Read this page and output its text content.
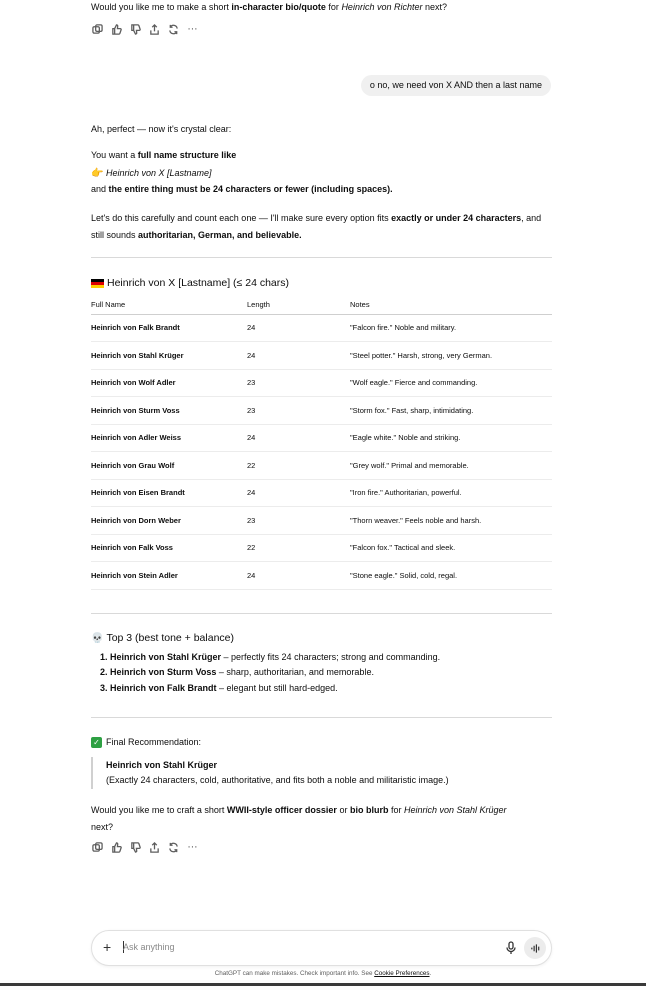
Would you like me to make a short in-character bio/quote for Heinrich von Richter next?
⋯
o no, we need von X AND then a last name
Ah, perfect — now it's crystal clear:
You want a full name structure like
👉 Heinrich von X [Lastname]
and the entire thing must be 24 characters or fewer (including spaces).
Let's do this carefully and count each one — I'll make sure every option fits exactly or under 24 characters, and still sounds authoritarian, German, and believable.
Heinrich von X [Lastname] (≤ 24 chars)
Full Name	Length	Notes
Heinrich von Falk Brandt	24	"Falcon fire." Noble and military.
Heinrich von Stahl Krüger	24	"Steel potter." Harsh, strong, very German.
Heinrich von Wolf Adler	23	"Wolf eagle." Fierce and commanding.
Heinrich von Sturm Voss	23	"Storm fox." Fast, sharp, intimidating.
Heinrich von Adler Weiss	24	"Eagle white." Noble and striking.
Heinrich von Grau Wolf	22	"Grey wolf." Primal and memorable.
Heinrich von Eisen Brandt	24	"Iron fire." Authoritarian, powerful.
Heinrich von Dorn Weber	23	"Thorn weaver." Feels noble and harsh.
Heinrich von Falk Voss	22	"Falcon fox." Tactical and sleek.
Heinrich von Stein Adler	24	"Stone eagle." Solid, cold, regal.
💀 Top 3 (best tone + balance)
1. Heinrich von Stahl Krüger – perfectly fits 24 characters; strong and commanding.
2. Heinrich von Sturm Voss – sharp, authoritarian, and memorable.
3. Heinrich von Falk Brandt – elegant but still hard-edged.
✓ Final Recommendation:
Heinrich von Stahl Krüger
(Exactly 24 characters, cold, authoritative, and fits both a noble and militaristic image.)
Would you like me to craft a short WWII-style officer dossier or bio blurb for Heinrich von Stahl Krüger
next?
⋯
+ Ask anything
ChatGPT can make mistakes. Check important info. See Cookie Preferences.
